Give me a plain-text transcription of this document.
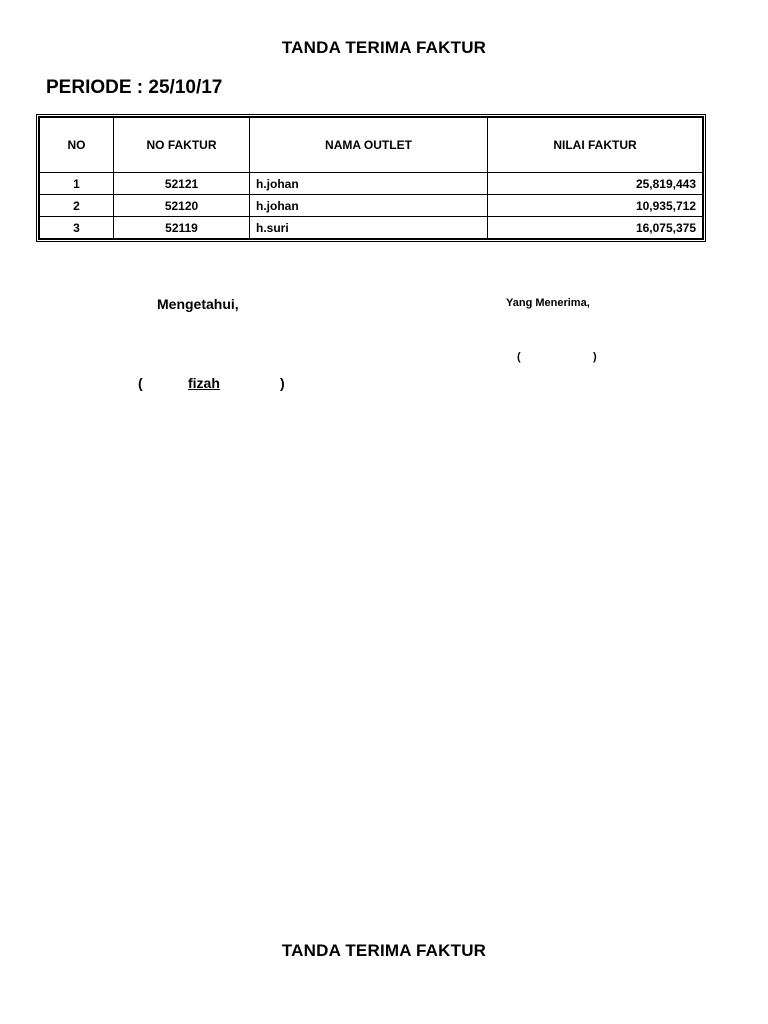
TANDA TERIMA FAKTUR
PERIODE : 25/10/17
NO	NO FAKTUR	NAMA OUTLET	NILAI FAKTUR
1	52121	h.johan	25,819,443
2	52120	h.johan	10,935,712
3	52119	h.suri	16,075,375
Mengetahui,	Yang Menerima,
(	)
(	fizah	)
TANDA TERIMA FAKTUR
